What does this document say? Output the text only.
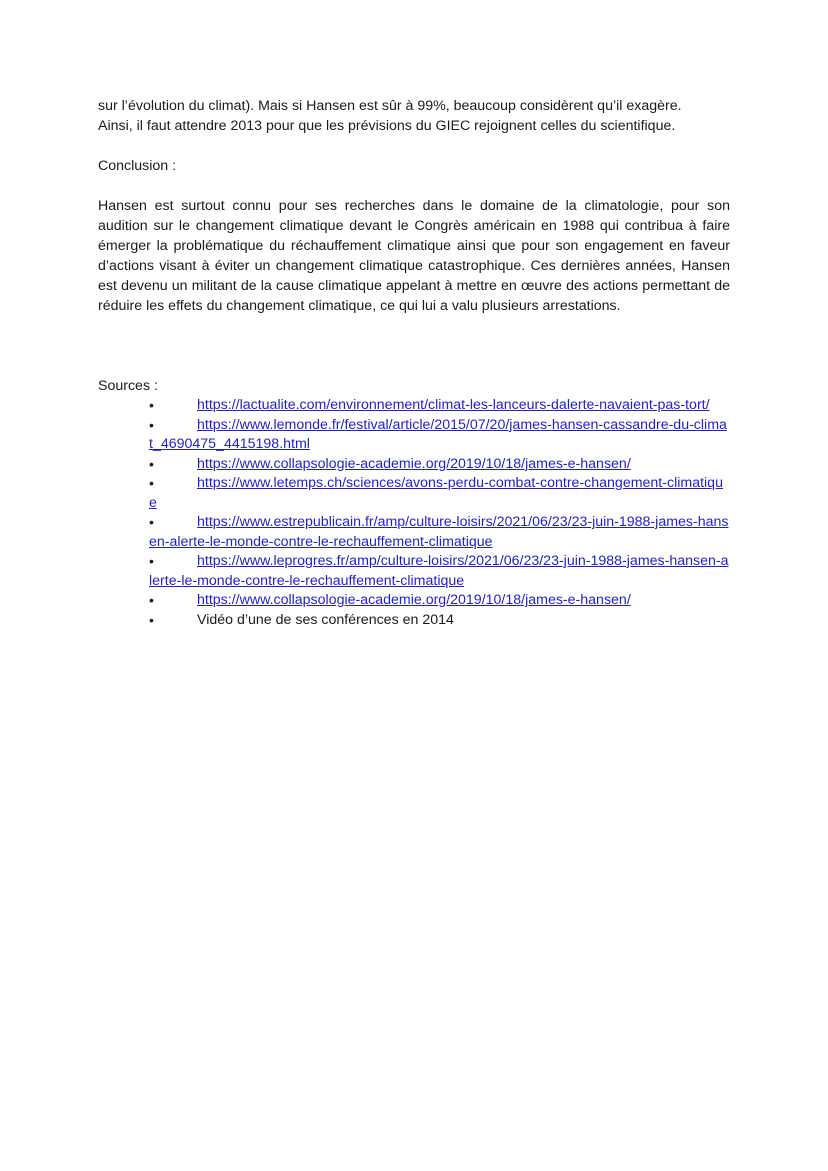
sur l’évolution du climat). Mais si Hansen est sûr à 99%, beaucoup considèrent qu’il exagère.
Ainsi, il faut attendre 2013 pour que les prévisions du GIEC rejoignent celles du scientifique.
Conclusion :

Hansen est surtout connu pour ses recherches dans le domaine de la climatologie, pour son audition sur le changement climatique devant le Congrès américain en 1988 qui contribua à faire émerger la problématique du réchauffement climatique ainsi que pour son engagement en faveur d’actions visant à éviter un changement climatique catastrophique. Ces dernières années, Hansen est devenu un militant de la cause climatique appelant à mettre en œuvre des actions permettant de réduire les effets du changement climatique, ce qui lui a valu plusieurs arrestations.

Sources :
•	https://lactualite.com/environnement/climat-les-lanceurs-dalerte-navaient-pas-tort/
•	https://www.lemonde.fr/festival/article/2015/07/20/james-hansen-cassandre-du-climat_4690475_4415198.html
•	https://www.collapsologie-academie.org/2019/10/18/james-e-hansen/
•	https://www.letemps.ch/sciences/avons-perdu-combat-contre-changement-climatique
•	https://www.estrepublicain.fr/amp/culture-loisirs/2021/06/23/23-juin-1988-james-hansen-alerte-le-monde-contre-le-rechauffement-climatique
•	https://www.leprogres.fr/amp/culture-loisirs/2021/06/23/23-juin-1988-james-hansen-alerte-le-monde-contre-le-rechauffement-climatique
•	https://www.collapsologie-academie.org/2019/10/18/james-e-hansen/
•	Vidéo d’une de ses conférences en 2014
